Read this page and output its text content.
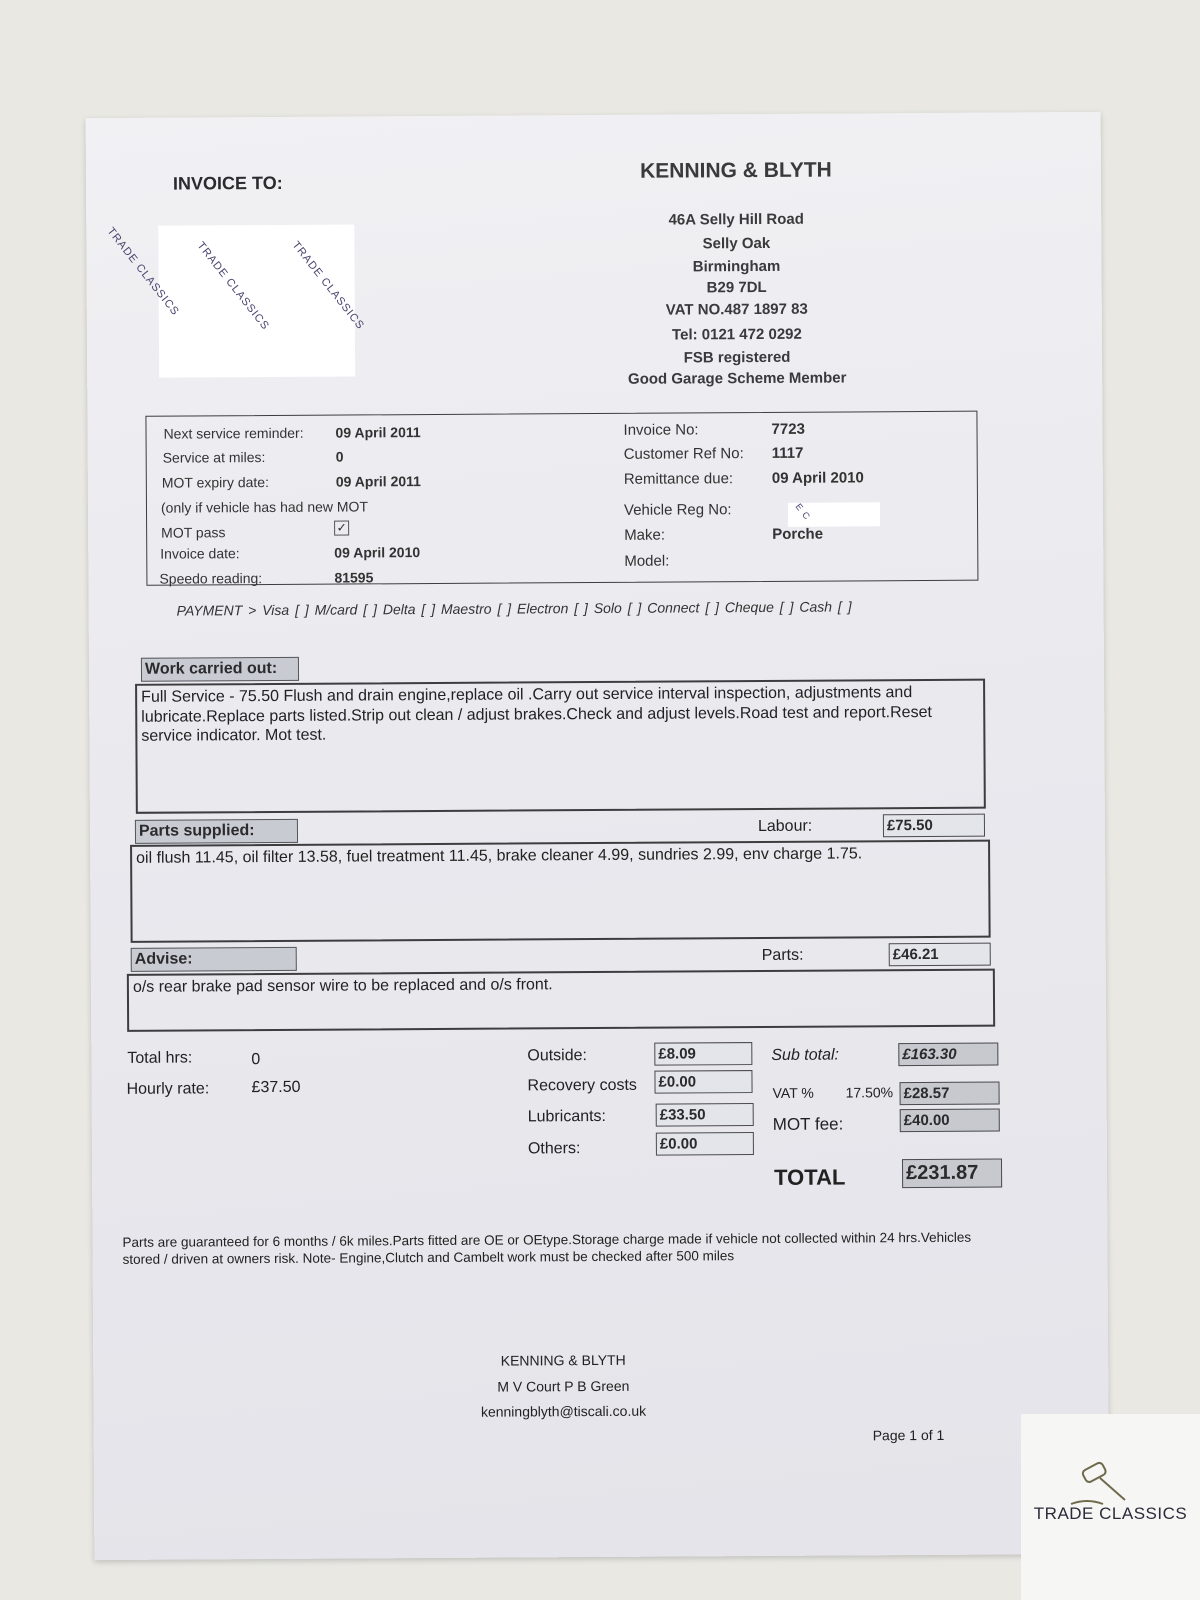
INVOICE TO:
TRADE CLASSICS TRADE CLASSICS
TRADE CLASSICS
KENNING & BLYTH
46A Selly Hill Road
Selly Oak
Birmingham
B29 7DL
VAT NO.487 1897 83
Tel: 0121 472 0292
FSB registered
Good Garage Scheme Member
Next service reminder: 09 April 2011
Service at miles:	0
MOT expiry date:	09 April 2011
(only if vehicle has had new MOT
MOT pass	✓
Invoice date:	09 April 2010
Speedo reading:	81595
Invoice No:	7723
Customer Ref No: 1117
Remittance due:	09 April 2010
Vehicle Reg No:	E C
Make:	Porche
Model:
PAYMENT > Visa [ ] M/card [ ] Delta [ ] Maestro [ ] Electron [ ] Solo [ ] Connect [ ] Cheque [ ] Cash [ ]
Work carried out:
Full Service - 75.50 Flush and drain engine,replace oil .Carry out service interval inspection, adjustments and lubricate.Replace parts listed.Strip out clean / adjust brakes.Check and adjust levels.Road test and report.Reset service indicator. Mot test.
Parts supplied:	Labour:	£75.50
oil flush 11.45, oil filter 13.58, fuel treatment 11.45, brake cleaner 4.99, sundries 2.99, env charge 1.75.
Advise:	Parts:	£46.21
o/s rear brake pad sensor wire to be replaced and o/s front.
Total hrs:	0
Hourly rate:	£37.50
Outside:	£8.09
Recovery costs £0.00
Lubricants:	£33.50
Others:	£0.00
Sub total:	£163.30
VAT % 17.50% £28.57
MOT fee:	£40.00
TOTAL	£231.87
Parts are guaranteed for 6 months / 6k miles.Parts fitted are OE or OEtype.Storage charge made if vehicle not collected within 24 hrs.Vehicles stored / driven at owners risk. Note- Engine,Clutch and Cambelt work must be checked after 500 miles
KENNING & BLYTH
M V Court P B Green
kenningblyth@tiscali.co.uk
Page 1 of 1
TRADE CLASSICS
